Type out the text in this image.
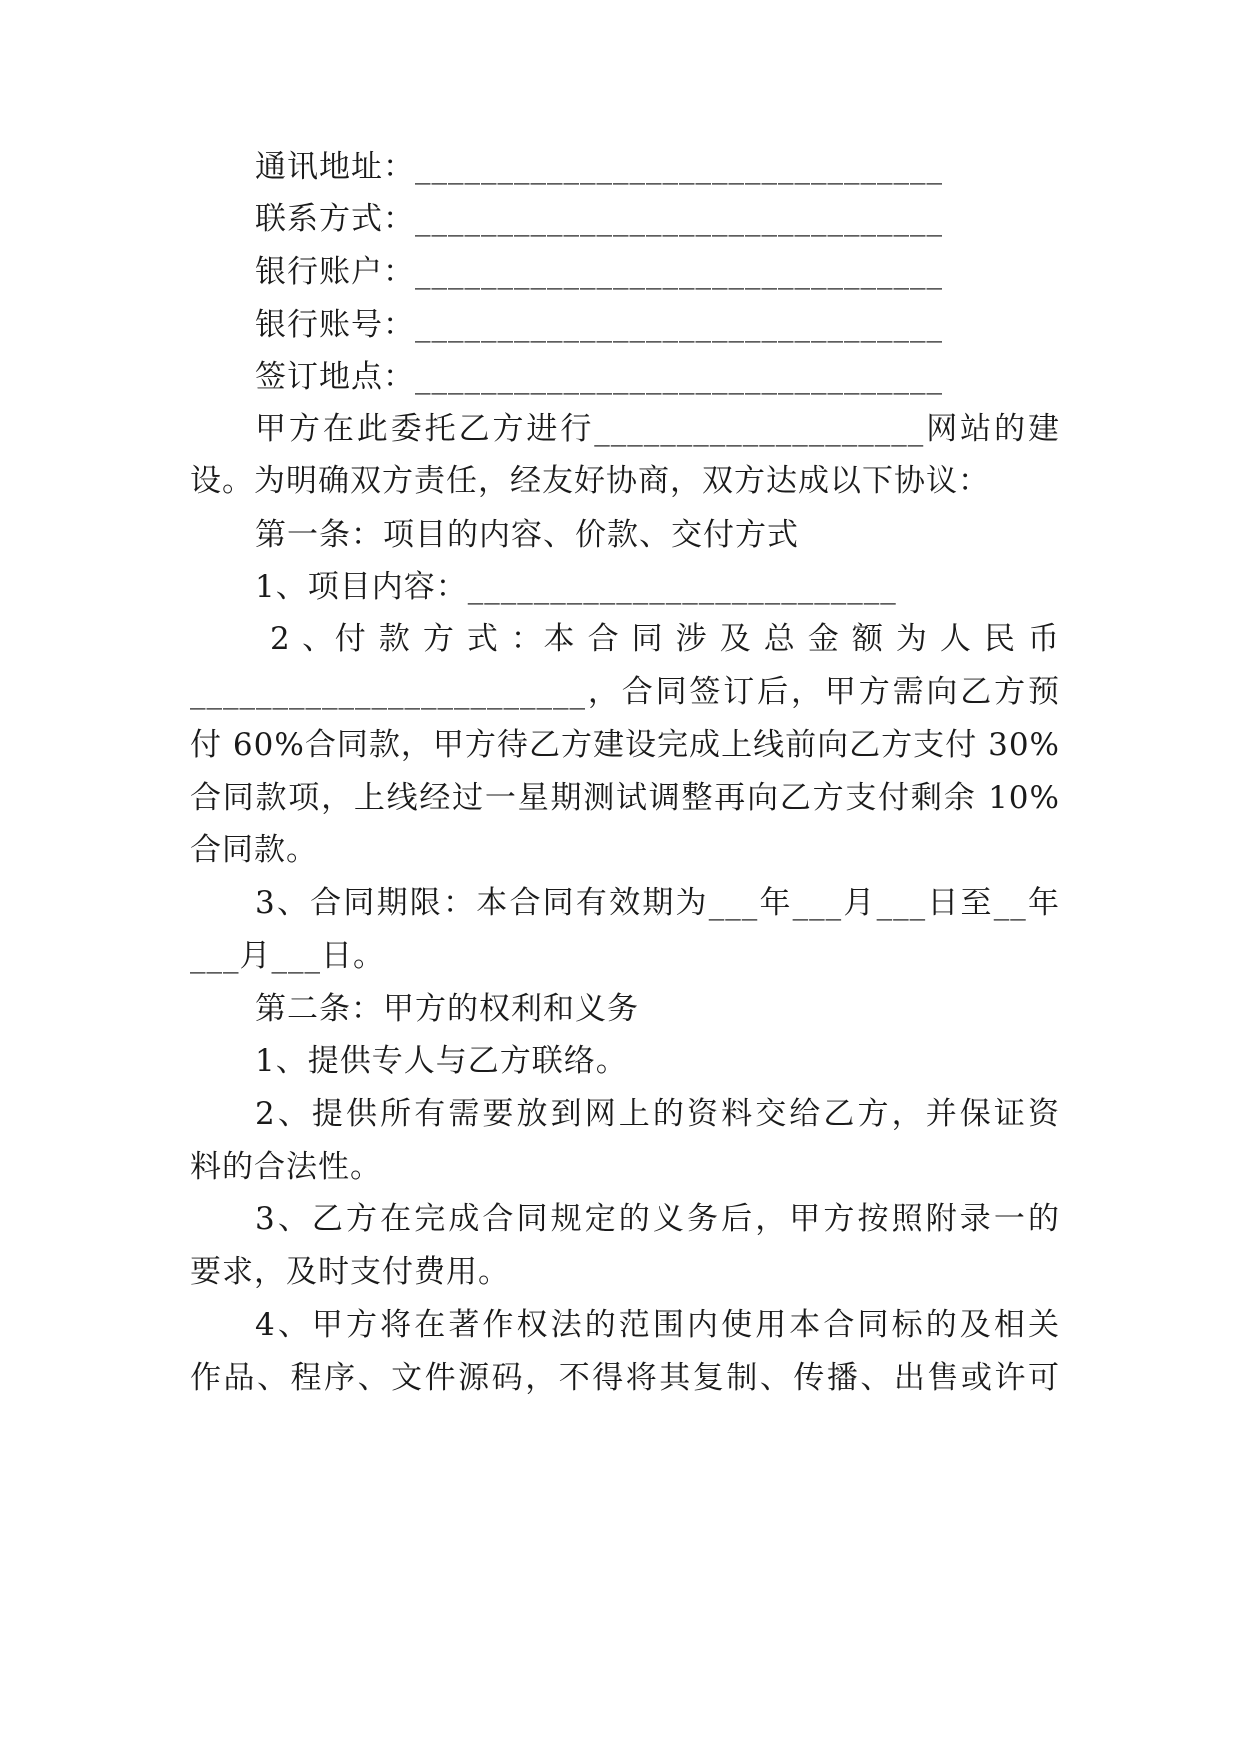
通讯地址：________________________________
联系方式：________________________________
银行账户：________________________________
银行账号：________________________________
签订地点：________________________________
甲方在此委托乙方进行____________________网站的建
设。为明确双方责任，经友好协商，双方达成以下协议：
第一条：项目的内容、价款、交付方式
1、项目内容：__________________________
2 、付 款 方 式 ：本 合 同 涉 及 总 金 额 为 人 民 币
________________________，合同签订后，甲方需向乙方预
付 60%合同款，甲方待乙方建设完成上线前向乙方支付 30%
合同款项，上线经过一星期测试调整再向乙方支付剩余 10%
合同款。
3、合同期限：本合同有效期为___年___月___日至__年
___月___日。
第二条：甲方的权利和义务
1、提供专人与乙方联络。
2、提供所有需要放到网上的资料交给乙方，并保证资
料的合法性。
3、乙方在完成合同规定的义务后，甲方按照附录一的
要求，及时支付费用。
4、甲方将在著作权法的范围内使用本合同标的及相关
作品、程序、文件源码，不得将其复制、传播、出售或许可
